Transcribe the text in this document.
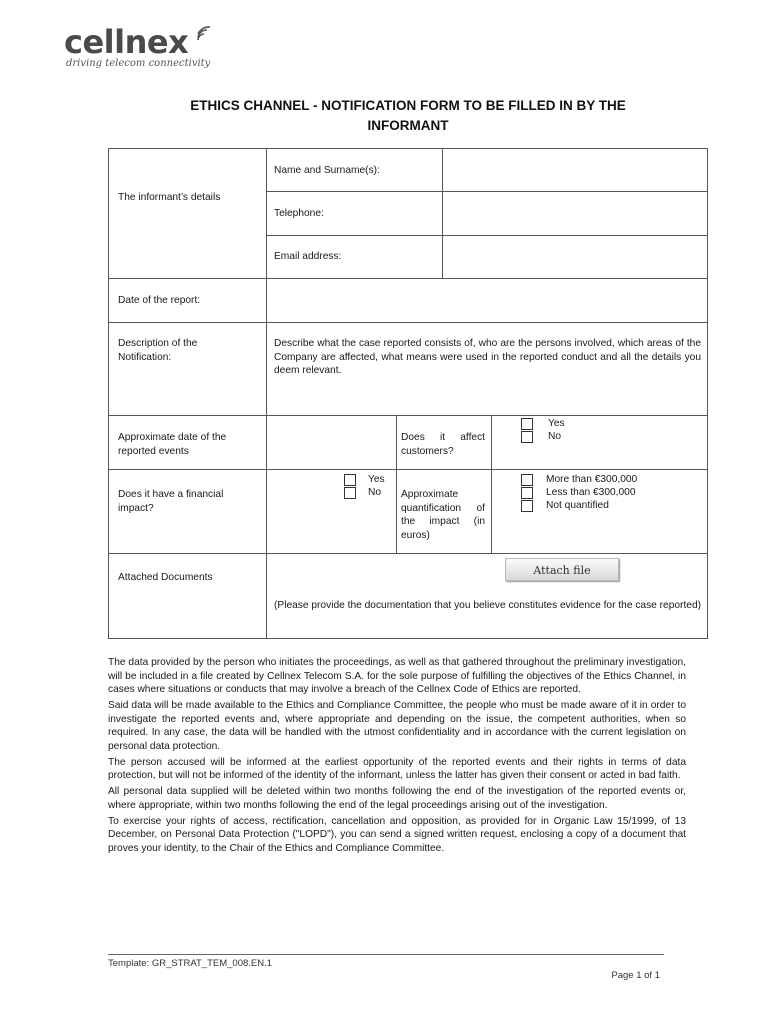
cellnex
driving telecom connectivity
ETHICS CHANNEL - NOTIFICATION FORM TO BE FILLED IN BY THE
INFORMANT
The informant’s details
Name and Surname(s):
Telephone:
Email address:
Date of the report:
Description of the Notification:
Describe what the case reported consists of, who are the persons involved, which areas of the Company are affected, what means were used in the reported conduct and all the details you deem relevant.
Approximate date of the reported events
Does it affect customers?
Yes
No
Does it have a financial impact?
Yes
No Approximate quantification of the impact (in euros)
More than €300,000
Less than €300,000
Not quantified
Attached Documents
Attach file
(Please provide the documentation that you believe constitutes evidence for the case reported)

The data provided by the person who initiates the proceedings, as well as that gathered throughout the preliminary investigation, will be included in a file created by Cellnex Telecom S.A. for the sole purpose of fulfilling the objectives of the Ethics Channel, in cases where situations or conducts that may involve a breach of the Cellnex Code of Ethics are reported.

Said data will be made available to the Ethics and Compliance Committee, the people who must be made aware of it in order to investigate the reported events and, where appropriate and depending on the issue, the competent authorities, when so required. In any case, the data will be handled with the utmost confidentiality and in accordance with the current legislation on personal data protection.

The person accused will be informed at the earliest opportunity of the reported events and their rights in terms of data protection, but will not be informed of the identity of the informant, unless the latter has given their consent or acted in bad faith.

All personal data supplied will be deleted within two months following the end of the investigation of the reported events or, where appropriate, within two months following the end of the legal proceedings arising out of the investigation.

To exercise your rights of access, rectification, cancellation and opposition, as provided for in Organic Law 15/1999, of 13 December, on Personal Data Protection ("LOPD"), you can send a signed written request, enclosing a copy of a document that proves your identity, to the Chair of the Ethics and Compliance Committee.

Template: GR_STRAT_TEM_008.EN.1
Page 1 of 1
